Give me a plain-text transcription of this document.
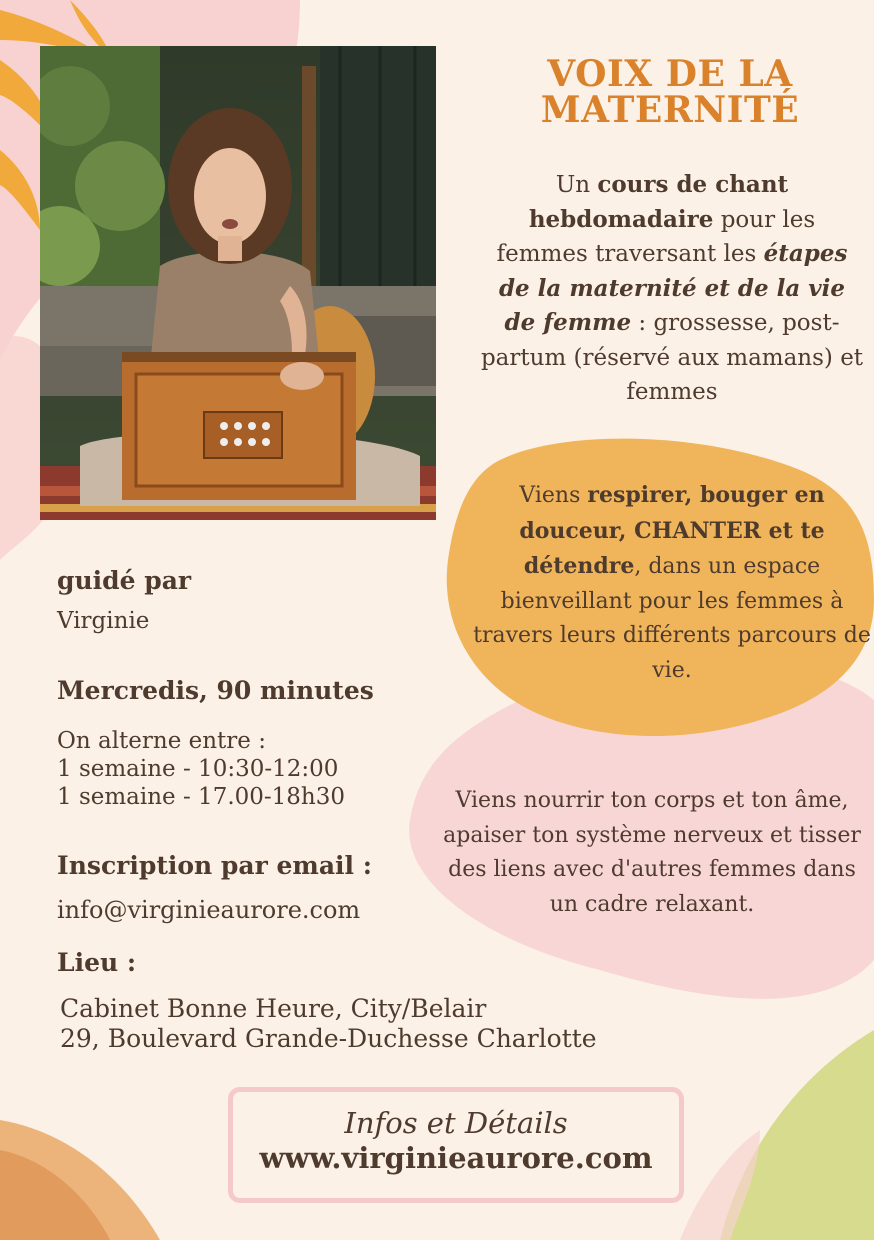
VOIX DE LA
MATERNITÉ
Un cours de chant hebdomadaire pour les femmes traversant les étapes de la maternité et de la vie de femme : grossesse, post-partum (réservé aux mamans) et femmes
Viens respirer, bouger en douceur, CHANTER et te détendre, dans un espace bienveillant pour les femmes à travers leurs différents parcours de vie.
Viens nourrir ton corps et ton âme, apaiser ton système nerveux et tisser des liens avec d'autres femmes dans un cadre relaxant.
guidé par
Virginie
Mercredis, 90 minutes
On alterne entre :
1 semaine - 10:30-12:00
1 semaine - 17.00-18h30
Inscription par email :
info@virginieaurore.com
Lieu :
Cabinet Bonne Heure, City/Belair
29, Boulevard Grande-Duchesse Charlotte
Infos et Détails
www.virginieaurore.com
